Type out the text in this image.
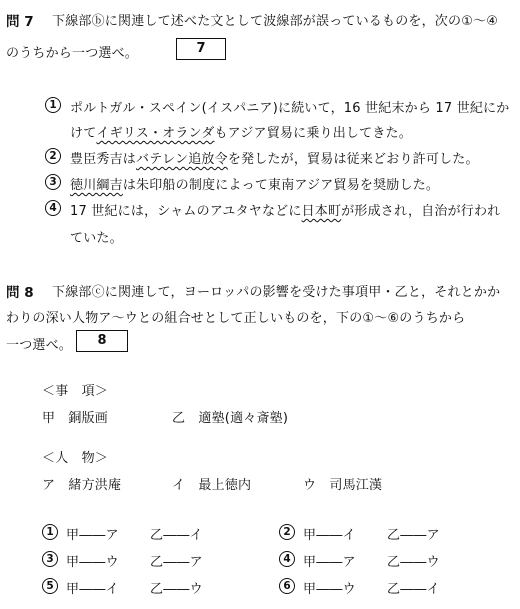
問 7 下線部ⓑに関連して述べた文として波線部が誤っているものを，次の①～④
のうちから一つ選べ。	7
1	ポルトガル・スペイン(イスパニア)に続いて，16 世紀末から 17 世紀にか
けてイギリス・オランダもアジア貿易に乗り出してきた。
2	豊臣秀吉はバテレン追放令を発したが，貿易は従来どおり許可した。
3	徳川綱吉は朱印船の制度によって東南アジア貿易を奨励した。
4	17 世紀には，シャムのアユタヤなどに日本町が形成され，自治が行われ
ていた。
問 8 下線部ⓒに関連して，ヨーロッパの影響を受けた事項甲・乙と，それとかか
わりの深い人物ア～ウとの組合せとして正しいものを，下の①～⑥のうちから
一つ選べ。	8
＜事　項＞
甲　銅版画	乙　適塾(適々斎塾)
＜人　物＞
ア　緒方洪庵	イ　最上徳内	ウ　司馬江漢
1 甲――ア 乙――イ	2 甲――イ 乙――ア
3 甲――ウ 乙――ア	4 甲――ア 乙――ウ
5 甲――イ 乙――ウ	6 甲――ウ 乙――イ
